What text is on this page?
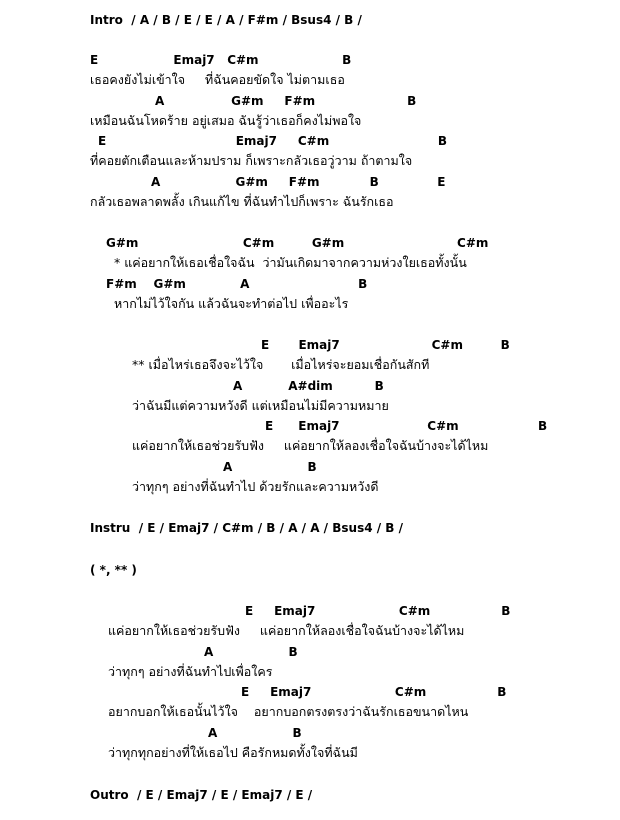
Intro  / A / B / E / E / A / F#m / Bsus4 / B /
E                  Emaj7   C#m                    B
เธอคงยังไม่เข้าใจ     ที่ฉันคอยขัดใจ ไม่ตามเธอ
A                G#m     F#m                      B
เหมือนฉันโหดร้าย อยู่เสมอ ฉันรู้ว่าเธอก็คงไม่พอใจ
E                               Emaj7     C#m                          B
ที่คอยตักเตือนและห้ามปราม ก็เพราะกลัวเธอวู่วาม ถ้าตามใจ
A                  G#m     F#m            B              E
กลัวเธอพลาดพลั้ง เกินแก้ไข ที่ฉันทำไปก็เพราะ ฉันรักเธอ
G#m                         C#m         G#m                           C#m
* แค่อยากให้เธอเชื่อใจฉัน  ว่ามันเกิดมาจากความห่วงใยเธอทั้งนั้น
F#m    G#m             A                          B
หากไม่ไว้ใจกัน แล้วฉันจะทำต่อไป เพื่ออะไร
E       Emaj7                      C#m         B
** เมื่อไหร่เธอจึงจะไว้ใจ       เมื่อไหร่จะยอมเชื่อกันสักที
A           A#dim          B
ว่าฉันมีแต่ความหวังดี แต่เหมือนไม่มีความหมาย
E      Emaj7                     C#m                   B
แค่อยากให้เธอช่วยรับฟัง     แค่อยากให้ลองเชื่อใจฉันบ้างจะได้ไหม
A                  B
ว่าทุกๆ อย่างที่ฉันทำไป ด้วยรักและความหวังดี
Instru  / E / Emaj7 / C#m / B / A / A / Bsus4 / B /
( *, ** )
E     Emaj7                    C#m                 B
แค่อยากให้เธอช่วยรับฟัง     แค่อยากให้ลองเชื่อใจฉันบ้างจะได้ไหม
A                  B
ว่าทุกๆ อย่างที่ฉันทำไปเพื่อใคร
E     Emaj7                    C#m                 B
อยากบอกให้เธอนั้นไว้ใจ    อยากบอกตรงตรงว่าฉันรักเธอขนาดไหน
A                  B
ว่าทุกทุกอย่างที่ให้เธอไป คือรักหมดทั้งใจที่ฉันมี
Outro  / E / Emaj7 / E / Emaj7 / E /
